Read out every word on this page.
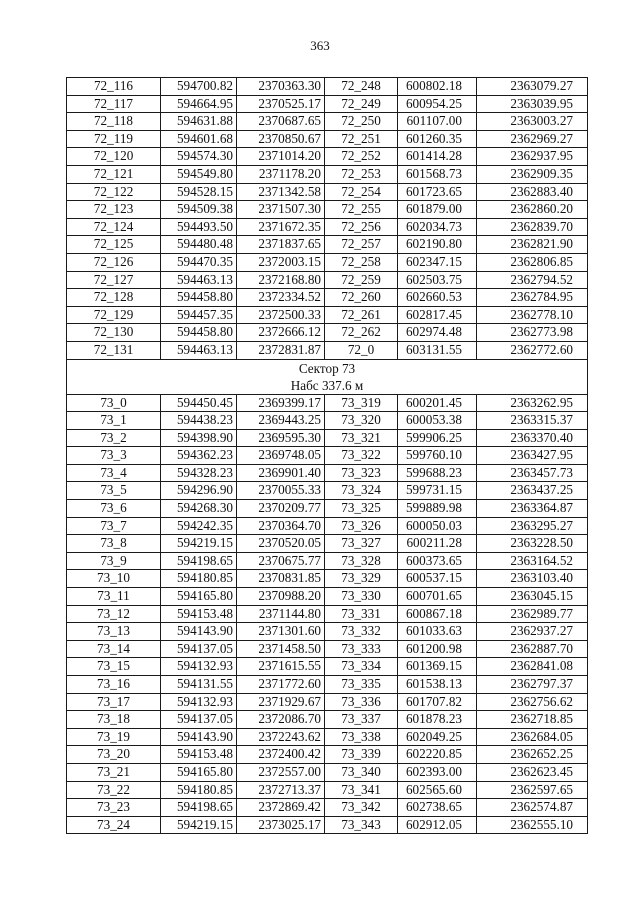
363
72_116	594700.82	2370363.30	72_248	600802.18	2363079.27
72_117	594664.95	2370525.17	72_249	600954.25	2363039.95
72_118	594631.88	2370687.65	72_250	601107.00	2363003.27
72_119	594601.68	2370850.67	72_251	601260.35	2362969.27
72_120	594574.30	2371014.20	72_252	601414.28	2362937.95
72_121	594549.80	2371178.20	72_253	601568.73	2362909.35
72_122	594528.15	2371342.58	72_254	601723.65	2362883.40
72_123	594509.38	2371507.30	72_255	601879.00	2362860.20
72_124	594493.50	2371672.35	72_256	602034.73	2362839.70
72_125	594480.48	2371837.65	72_257	602190.80	2362821.90
72_126	594470.35	2372003.15	72_258	602347.15	2362806.85
72_127	594463.13	2372168.80	72_259	602503.75	2362794.52
72_128	594458.80	2372334.52	72_260	602660.53	2362784.95
72_129	594457.35	2372500.33	72_261	602817.45	2362778.10
72_130	594458.80	2372666.12	72_262	602974.48	2362773.98
72_131	594463.13	2372831.87	72_0	603131.55	2362772.60

Сектор 73
Набс 337.6 м					

73_0	594450.45	2369399.17	73_319	600201.45	2363262.95
73_1	594438.23	2369443.25	73_320	600053.38	2363315.37
73_2	594398.90	2369595.30	73_321	599906.25	2363370.40
73_3	594362.23	2369748.05	73_322	599760.10	2363427.95
73_4	594328.23	2369901.40	73_323	599688.23	2363457.73
73_5	594296.90	2370055.33	73_324	599731.15	2363437.25
73_6	594268.30	2370209.77	73_325	599889.98	2363364.87
73_7	594242.35	2370364.70	73_326	600050.03	2363295.27
73_8	594219.15	2370520.05	73_327	600211.28	2363228.50
73_9	594198.65	2370675.77	73_328	600373.65	2363164.52
73_10	594180.85	2370831.85	73_329	600537.15	2363103.40
73_11	594165.80	2370988.20	73_330	600701.65	2363045.15
73_12	594153.48	2371144.80	73_331	600867.18	2362989.77
73_13	594143.90	2371301.60	73_332	601033.63	2362937.27
73_14	594137.05	2371458.50	73_333	601200.98	2362887.70
73_15	594132.93	2371615.55	73_334	601369.15	2362841.08
73_16	594131.55	2371772.60	73_335	601538.13	2362797.37
73_17	594132.93	2371929.67	73_336	601707.82	2362756.62
73_18	594137.05	2372086.70	73_337	601878.23	2362718.85
73_19	594143.90	2372243.62	73_338	602049.25	2362684.05
73_20	594153.48	2372400.42	73_339	602220.85	2362652.25
73_21	594165.80	2372557.00	73_340	602393.00	2362623.45
73_22	594180.85	2372713.37	73_341	602565.60	2362597.65
73_23	594198.65	2372869.42	73_342	602738.65	2362574.87
73_24	594219.15	2373025.17	73_343	602912.05	2362555.10
